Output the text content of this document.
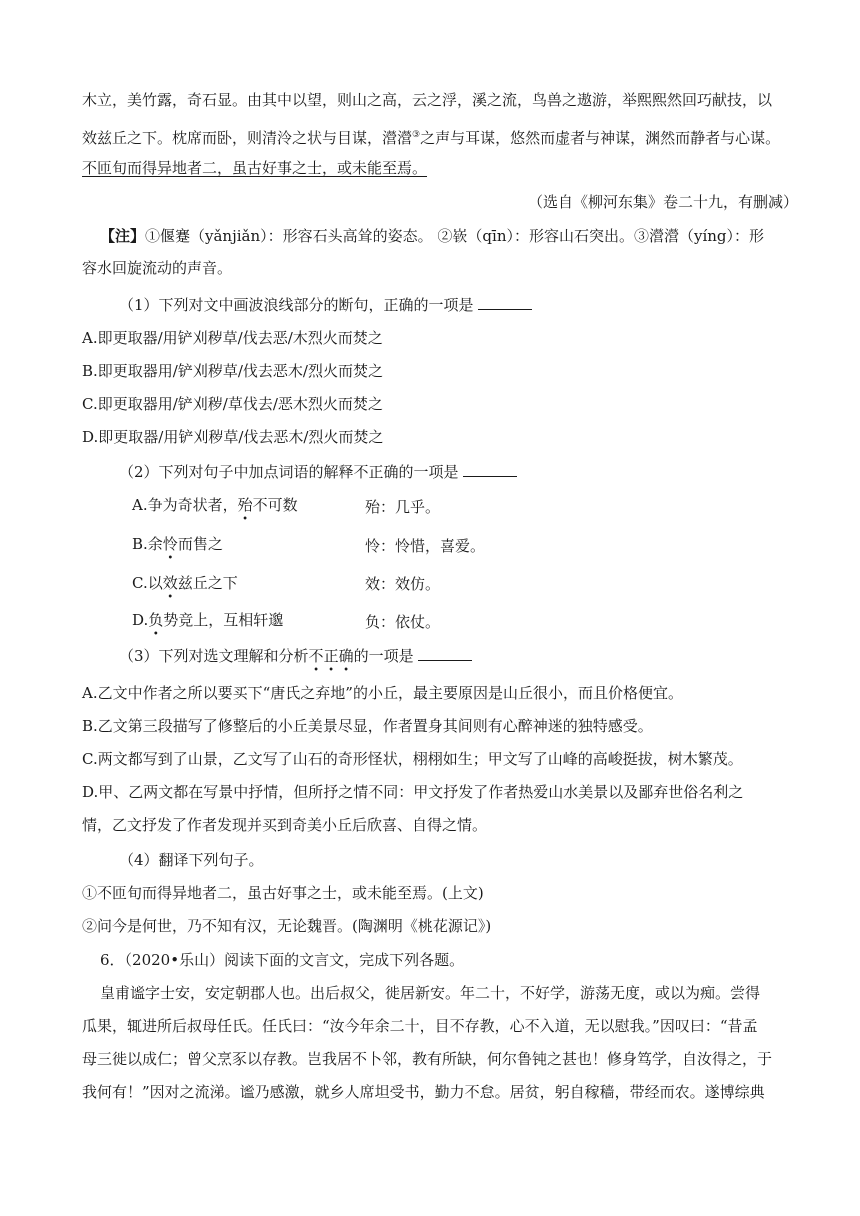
木立，美竹露，奇石显。由其中以望，则山之高，云之浮，溪之流，鸟兽之遨游，举熙熙然回巧献技，以
效兹丘之下。枕席而卧，则清泠之状与目谋，瀯瀯③之声与耳谋，悠然而虚者与神谋，渊然而静者与心谋。
不匝旬而得异地者二，虽古好事之士，或未能至焉。
（选自《柳河东集》卷二十九，有删减）
【注】①偃蹇（yǎnjiǎn）：形容石头高耸的姿态。 ②嵚（qīn）：形容山石突出。③瀯瀯（yíng）：形
容水回旋流动的声音。
（1）下列对文中画波浪线部分的断句，正确的一项是
A.即更取器/用铲刈秽草/伐去恶/木烈火而焚之
B.即更取器用/铲刈秽草/伐去恶木/烈火而焚之
C.即更取器用/铲刈秽/草伐去/恶木烈火而焚之
D.即更取器/用铲刈秽草/伐去恶木/烈火而焚之
（2）下列对句子中加点词语的解释不正确的一项是
A.争为奇状者，殆不可数	殆：几乎。
B.余怜而售之	怜：怜惜，喜爱。
C.以效兹丘之下	效：效仿。
D.负势竞上，互相轩邈	负：依仗。
（3）下列对选文理解和分析不正确的一项是
A.乙文中作者之所以要买下“唐氏之弃地”的小丘，最主要原因是山丘很小，而且价格便宜。
B.乙文第三段描写了修整后的小丘美景尽显，作者置身其间则有心醉神迷的独特感受。
C.两文都写到了山景，乙文写了山石的奇形怪状，栩栩如生；甲文写了山峰的高峻挺拔，树木繁茂。
D.甲、乙两文都在写景中抒情，但所抒之情不同：甲文抒发了作者热爱山水美景以及鄙弃世俗名利之
情，乙文抒发了作者发现并买到奇美小丘后欣喜、自得之情。
（4）翻译下列句子。
①不匝旬而得异地者二，虽古好事之士，或未能至焉。(上文)
②问今是何世，乃不知有汉，无论魏晋。(陶渊明《桃花源记》)
6．（2020•乐山）阅读下面的文言文，完成下列各题。
皇甫谧字士安，安定朝郡人也。出后叔父，徙居新安。年二十，不好学，游荡无度，或以为痴。尝得
瓜果，辄进所后叔母任氏。任氏曰：“汝今年余二十，目不存教，心不入道，无以慰我。”因叹曰：“昔孟
母三徙以成仁；曾父烹豕以存教。岂我居不卜邻，教有所缺，何尔鲁钝之甚也！修身笃学，自汝得之，于
我何有！”因对之流涕。谧乃感激，就乡人席坦受书，勤力不怠。居贫，躬自稼穑，带经而农。遂博综典
